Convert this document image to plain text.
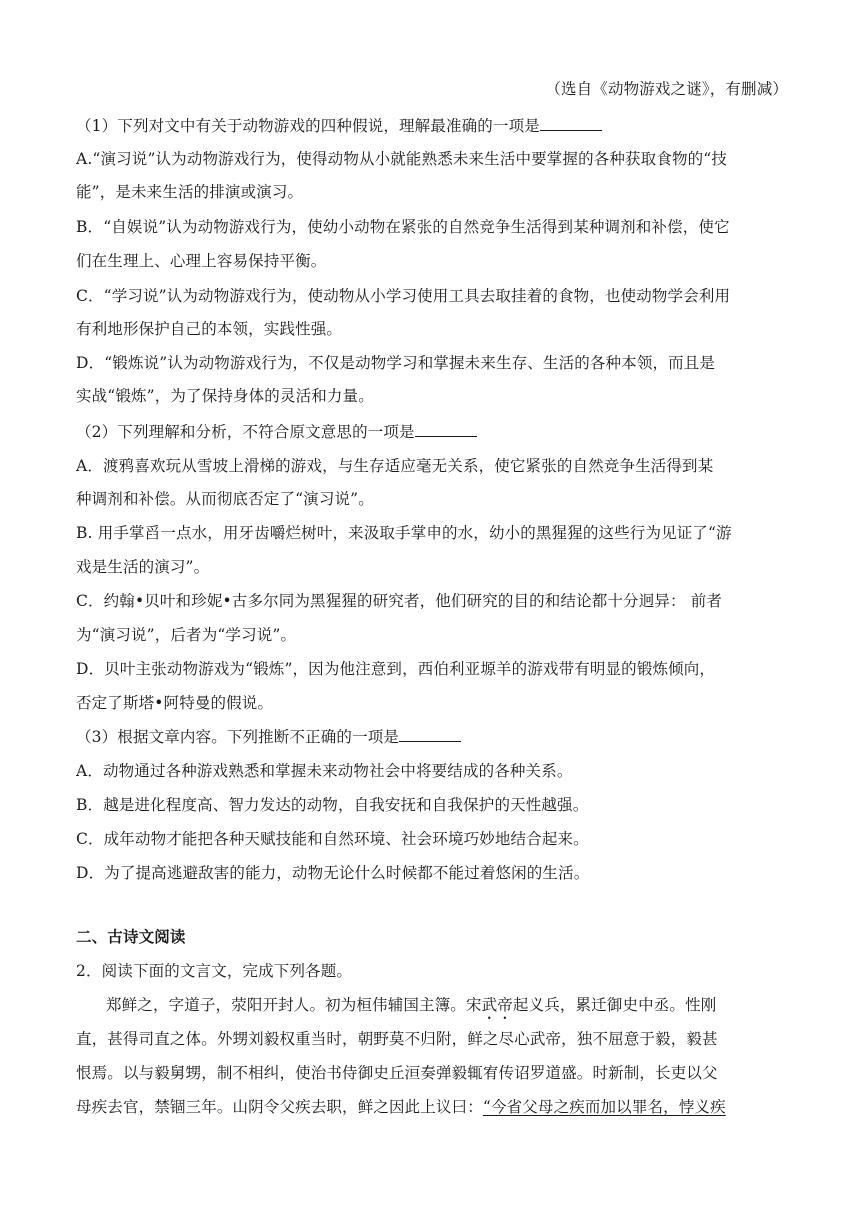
（选自《动物游戏之谜》，有删减）
（1）下列对文中有关于动物游戏的四种假说，理解最准确的一项是
A.“演习说”认为动物游戏行为，使得动物从小就能熟悉未来生活中要掌握的各种获取食物的“技
能”，是未来生活的排演或演习。
B．“自娱说”认为动物游戏行为，使幼小动物在紧张的自然竞争生活得到某种调剂和补偿，使它
们在生理上、心理上容易保持平衡。
C．“学习说”认为动物游戏行为，使动物从小学习使用工具去取挂着的食物，也使动物学会利用
有利地形保护自己的本领，实践性强。
D．“锻炼说”认为动物游戏行为，不仅是动物学习和掌握未来生存、生活的各种本领，而且是
实战“锻炼”，为了保持身体的灵活和力量。
（2）下列理解和分析，不符合原文意思的一项是
A．渡鸦喜欢玩从雪坡上滑梯的游戏，与生存适应毫无关系，使它紧张的自然竞争生活得到某
种调剂和补偿。从而彻底否定了“演习说”。
B. 用手掌舀一点水，用牙齿嚼烂树叶，来汲取手掌申的水，幼小的黑猩猩的这些行为见证了“游
戏是生活的演习”。
C．约翰•贝叶和珍妮•古多尔同为黑猩猩的研究者，他们研究的目的和结论都十分迥异： 前者
为“演习说”，后者为“学习说”。
D．贝叶主张动物游戏为“锻炼”，因为他注意到，西伯利亚塬羊的游戏带有明显的锻炼倾向，
否定了斯塔•阿特曼的假说。
（3）根据文章内容。下列推断不正确的一项是
A．动物通过各种游戏熟悉和掌握未来动物社会中将要结成的各种关系。
B．越是进化程度高、智力发达的动物，自我安抚和自我保护的天性越强。
C．成年动物才能把各种天赋技能和自然环境、社会环境巧妙地结合起来。
D．为了提高逃避敌害的能力，动物无论什么时候都不能过着悠闲的生活。
二、古诗文阅读
2．阅读下面的文言文，完成下列各题。
郑鲜之，字道子，荥阳开封人。初为桓伟辅国主簿。宋武帝起义兵，累迁御史中丞。性刚
直，甚得司直之体。外甥刘毅权重当时，朝野莫不归附，鲜之尽心武帝，独不屈意于毅，毅甚
恨焉。以与毅舅甥，制不相纠，使治书侍御史丘洹奏弹毅辄宥传诏罗道盛。时新制，长吏以父
母疾去官，禁锢三年。山阴令父疾去职，鲜之因此上议曰：“今省父母之疾而加以罪名，悖义疾
